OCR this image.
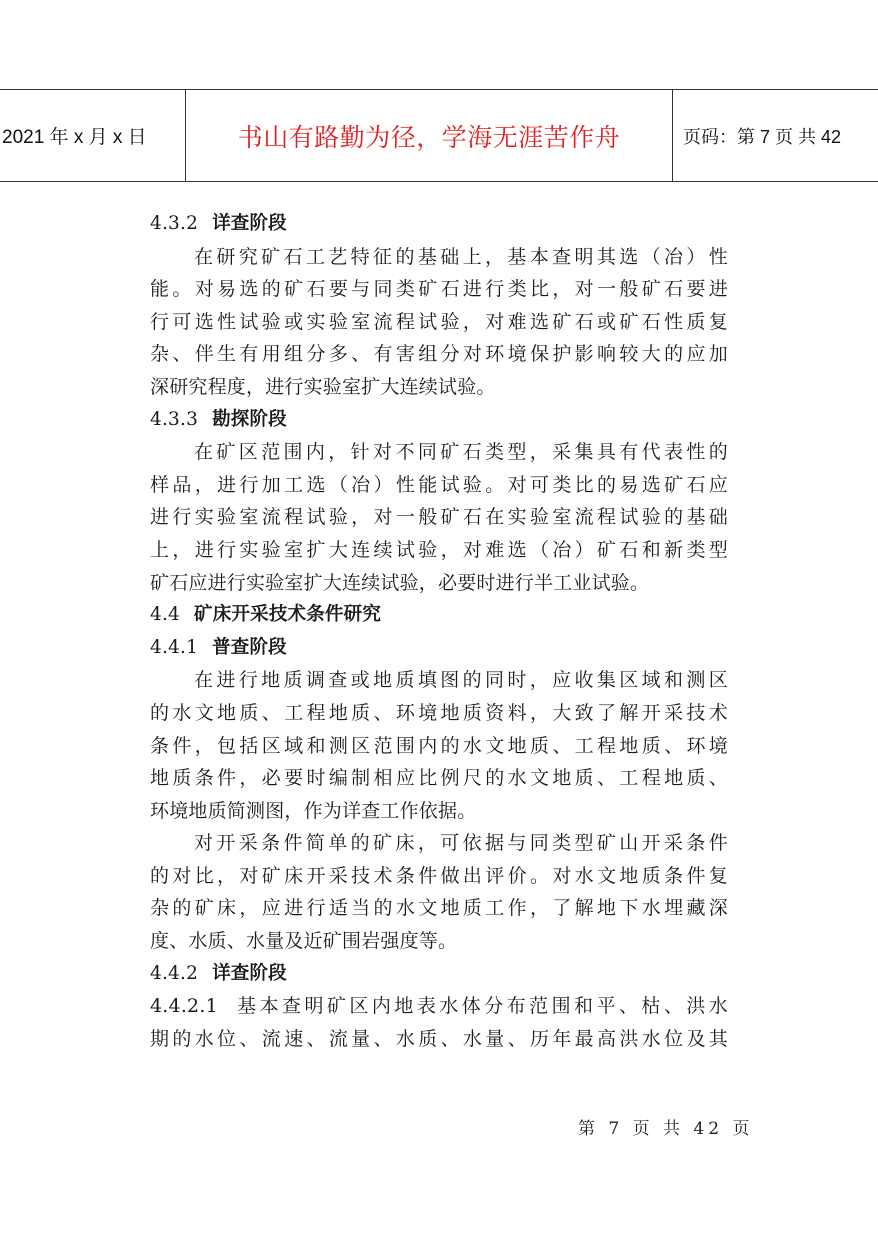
2021 年 x 月 x 日	书山有路勤为径，学海无涯苦作舟	页码：第 7 页 共 42
4.3.2 详查阶段
在研究矿石工艺特征的基础上，基本查明其选（冶）性
能。对易选的矿石要与同类矿石进行类比，对一般矿石要进
行可选性试验或实验室流程试验，对难选矿石或矿石性质复
杂、伴生有用组分多、有害组分对环境保护影响较大的应加
深研究程度，进行实验室扩大连续试验。
4.3.3 勘探阶段
在矿区范围内，针对不同矿石类型，采集具有代表性的
样品，进行加工选（冶）性能试验。对可类比的易选矿石应
进行实验室流程试验，对一般矿石在实验室流程试验的基础
上，进行实验室扩大连续试验，对难选（冶）矿石和新类型
矿石应进行实验室扩大连续试验，必要时进行半工业试验。
4.4 矿床开采技术条件研究
4.4.1 普查阶段
在进行地质调查或地质填图的同时，应收集区域和测区
的水文地质、工程地质、环境地质资料，大致了解开采技术
条件，包括区域和测区范围内的水文地质、工程地质、环境
地质条件，必要时编制相应比例尺的水文地质、工程地质、
环境地质简测图，作为详查工作依据。
对开采条件简单的矿床，可依据与同类型矿山开采条件
的对比，对矿床开采技术条件做出评价。对水文地质条件复
杂的矿床，应进行适当的水文地质工作，了解地下水埋藏深
度、水质、水量及近矿围岩强度等。
4.4.2 详查阶段
4.4.2.1 基本查明矿区内地表水体分布范围和平、枯、洪水
期的水位、流速、流量、水质、水量、历年最高洪水位及其
第 7 页 共 42 页
